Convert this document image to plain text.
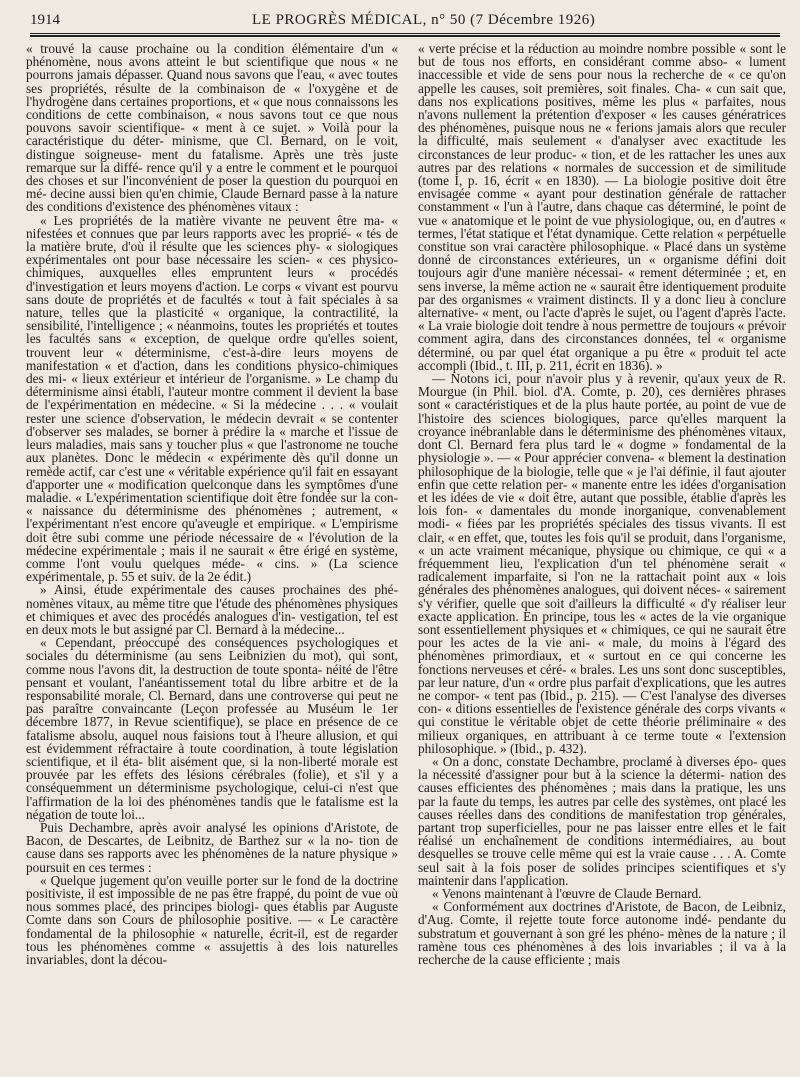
1914	LE PROGRÈS MÉDICAL, n° 50 (7 Décembre 1926)

« trouvé la cause prochaine ou la condition élémentaire d'un « phénomène, nous avons atteint le but scientifique que nous « ne pourrons jamais dépasser. Quand nous savons que l'eau, « avec toutes ses propriétés, résulte de la combinaison de « l'oxygène et de l'hydrogène dans certaines proportions, et « que nous connaissons les conditions de cette combinaison, « nous savons tout ce que nous pouvons savoir scientifique- « ment à ce sujet. » Voilà pour la caractéristique du déter- minisme, que Cl. Bernard, on le voit, distingue soigneuse- ment du fatalisme. Après une très juste remarque sur la diffé- rence qu'il y a entre le comment et le pourquoi des choses et sur l'inconvénient de poser la question du pourquoi en mé- decine aussi bien qu'en chimie, Claude Bernard passe à la nature des conditions d'existence des phénomènes vitaux :

« Les propriétés de la matière vivante ne peuvent être ma- « nifestées et connues que par leurs rapports avec les proprié- « tés de la matière brute, d'où il résulte que les sciences phy- « siologiques expérimentales ont pour base nécessaire les scien- « ces physico-chimiques, auxquelles elles empruntent leurs « procédés d'investigation et leurs moyens d'action. Le corps « vivant est pourvu sans doute de propriétés et de facultés « tout à fait spéciales à sa nature, telles que la plasticité « organique, la contractilité, la sensibilité, l'intelligence ; « néanmoins, toutes les propriétés et toutes les facultés sans « exception, de quelque ordre qu'elles soient, trouvent leur « déterminisme, c'est-à-dire leurs moyens de manifestation « et d'action, dans les conditions physico-chimiques des mi- « lieux extérieur et intérieur de l'organisme. » Le champ du déterminisme ainsi établi, l'auteur montre comment il devient la base de l'expérimentation en médecine. « Si la médecine . . . « voulait rester une science d'observation, le médecin devrait « se contenter d'observer ses malades, se borner à prédire la « marche et l'issue de leurs maladies, mais sans y toucher plus « que l'astronome ne touche aux planètes. Donc le médecin « expérimente dès qu'il donne un remède actif, car c'est une « véritable expérience qu'il fait en essayant d'apporter une « modification quelconque dans les symptômes d'une maladie. « L'expérimentation scientifique doit être fondée sur la con- « naissance du déterminisme des phénomènes ; autrement, « l'expérimentant n'est encore qu'aveugle et empirique. « L'empirisme doit être subi comme une période nécessaire de « l'évolution de la médecine expérimentale ; mais il ne saurait « être érigé en système, comme l'ont voulu quelques méde- « cins. » (La science expérimentale, p. 55 et suiv. de la 2e édit.)

» Ainsi, étude expérimentale des causes prochaines des phé- nomènes vitaux, au même titre que l'étude des phénomènes physiques et chimiques et avec des procédés analogues d'in- vestigation, tel est en deux mots le but assigné par Cl. Bernard à la médecine...

« Cependant, préoccupé des conséquences psychologiques et sociales du déterminisme (au sens Leibnizien du mot), qui sont, comme nous l'avons dit, la destruction de toute sponta- néité de l'être pensant et voulant, l'anéantissement total du libre arbitre et de la responsabilité morale, Cl. Bernard, dans une controverse qui peut ne pas paraître convaincante (Leçon professée au Muséum le 1er décembre 1877, in Revue scientifique), se place en présence de ce fatalisme absolu, auquel nous faisions tout à l'heure allusion, et qui est évidemment réfractaire à toute coordination, à toute législation scientifique, et il éta- blit aisément que, si la non-liberté morale est prouvée par les effets des lésions cérébrales (folie), et s'il y a conséquemment un déterminisme psychologique, celui-ci n'est que l'affirmation de la loi des phénomènes tandis que le fatalisme est la négation de toute loi...

Puis Dechambre, après avoir analysé les opinions d'Aristote, de Bacon, de Descartes, de Leibnitz, de Barthez sur « la no- tion de cause dans ses rapports avec les phénomènes de la nature physique » poursuit en ces termes :

« Quelque jugement qu'on veuille porter sur le fond de la doctrine positiviste, il est impossible de ne pas être frappé, du point de vue où nous sommes placé, des principes biologi- ques établis par Auguste Comte dans son Cours de philosophie positive. — « Le caractère fondamental de la philosophie « naturelle, écrit-il, est de regarder tous les phénomènes comme « assujettis à des lois naturelles invariables, dont la décou-

« verte précise et la réduction au moindre nombre possible « sont le but de tous nos efforts, en considérant comme abso- « lument inaccessible et vide de sens pour nous la recherche de « ce qu'on appelle les causes, soit premières, soit finales. Cha- « cun sait que, dans nos explications positives, même les plus « parfaites, nous n'avons nullement la prétention d'exposer « les causes génératrices des phénomènes, puisque nous ne « ferions jamais alors que reculer la difficulté, mais seulement « d'analyser avec exactitude les circonstances de leur produc- « tion, et de les rattacher les unes aux autres par des relations « normales de succession et de similitude (tome I, p. 16, écrit « en 1830). — La biologie positive doit être envisagée comme « ayant pour destination générale de rattacher constamment « l'un à l'autre, dans chaque cas déterminé, le point de vue « anatomique et le point de vue physiologique, ou, en d'autres « termes, l'état statique et l'état dynamique. Cette relation « perpétuelle constitue son vrai caractère philosophique. « Placé dans un système donné de circonstances extérieures, un « organisme défini doit toujours agir d'une manière nécessai- « rement déterminée ; et, en sens inverse, la même action ne « saurait être identiquement produite par des organismes « vraiment distincts. Il y a donc lieu à conclure alternative- « ment, ou l'acte d'après le sujet, ou l'agent d'après l'acte. « La vraie biologie doit tendre à nous permettre de toujours « prévoir comment agira, dans des circonstances données, tel « organisme déterminé, ou par quel état organique a pu être « produit tel acte accompli (Ibid., t. III, p. 211, écrit en 1836). »

— Notons ici, pour n'avoir plus y à revenir, qu'aux yeux de R. Mourgue (in Phil. biol. d'A. Comte, p. 20), ces dernières phrases sont « caractéristiques et de la plus haute portée, au point de vue de l'histoire des sciences biologiques, parce qu'elles marquent la croyance inébranlable dans le déterminisme des phénomènes vitaux, dont Cl. Bernard fera plus tard le « dogme » fondamental de la physiologie ». — « Pour apprécier convena- « blement la destination philosophique de la biologie, telle que « je l'ai définie, il faut ajouter enfin que cette relation per- « manente entre les idées d'organisation et les idées de vie « doit être, autant que possible, établie d'après les lois fon- « damentales du monde inorganique, convenablement modi- « fiées par les propriétés spéciales des tissus vivants. Il est clair, « en effet, que, toutes les fois qu'il se produit, dans l'organisme, « un acte vraiment mécanique, physique ou chimique, ce qui « a fréquemment lieu, l'explication d'un tel phénomène serait « radicalement imparfaite, si l'on ne la rattachait point aux « lois générales des phénomènes analogues, qui doivent néces- « sairement s'y vérifier, quelle que soit d'ailleurs la difficulté « d'y réaliser leur exacte application. En principe, tous les « actes de la vie organique sont essentiellement physiques et « chimiques, ce qui ne saurait être pour les actes de la vie ani- « male, du moins à l'égard des phénomènes primordiaux, et « surtout en ce qui concerne les fonctions nerveuses et céré- « brales. Les uns sont donc susceptibles, par leur nature, d'un « ordre plus parfait d'explications, que les autres ne compor- « tent pas (Ibid., p. 215). — C'est l'analyse des diverses con- « ditions essentielles de l'existence générale des corps vivants « qui constitue le véritable objet de cette théorie préliminaire « des milieux organiques, en attribuant à ce terme toute « l'extension philosophique. » (Ibid., p. 432).

« On a donc, constate Dechambre, proclamé à diverses épo- ques la nécessité d'assigner pour but à la science la détermi- nation des causes efficientes des phénomènes ; mais dans la pratique, les uns par la faute du temps, les autres par celle des systèmes, ont placé les causes réelles dans des conditions de manifestation trop générales, partant trop superficielles, pour ne pas laisser entre elles et le fait réalisé un enchaînement de conditions intermédiaires, au bout desquelles se trouve celle même qui est la vraie cause . . . A. Comte seul sait à la fois poser de solides principes scientifiques et s'y maintenir dans l'application.

« Venons maintenant à l'œuvre de Claude Bernard.

« Conformément aux doctrines d'Aristote, de Bacon, de Leibniz, d'Aug. Comte, il rejette toute force autonome indé- pendante du substratum et gouvernant à son gré les phéno- mènes de la nature ; il ramène tous ces phénomènes à des lois invariables ; il va à la recherche de la cause efficiente ; mais
